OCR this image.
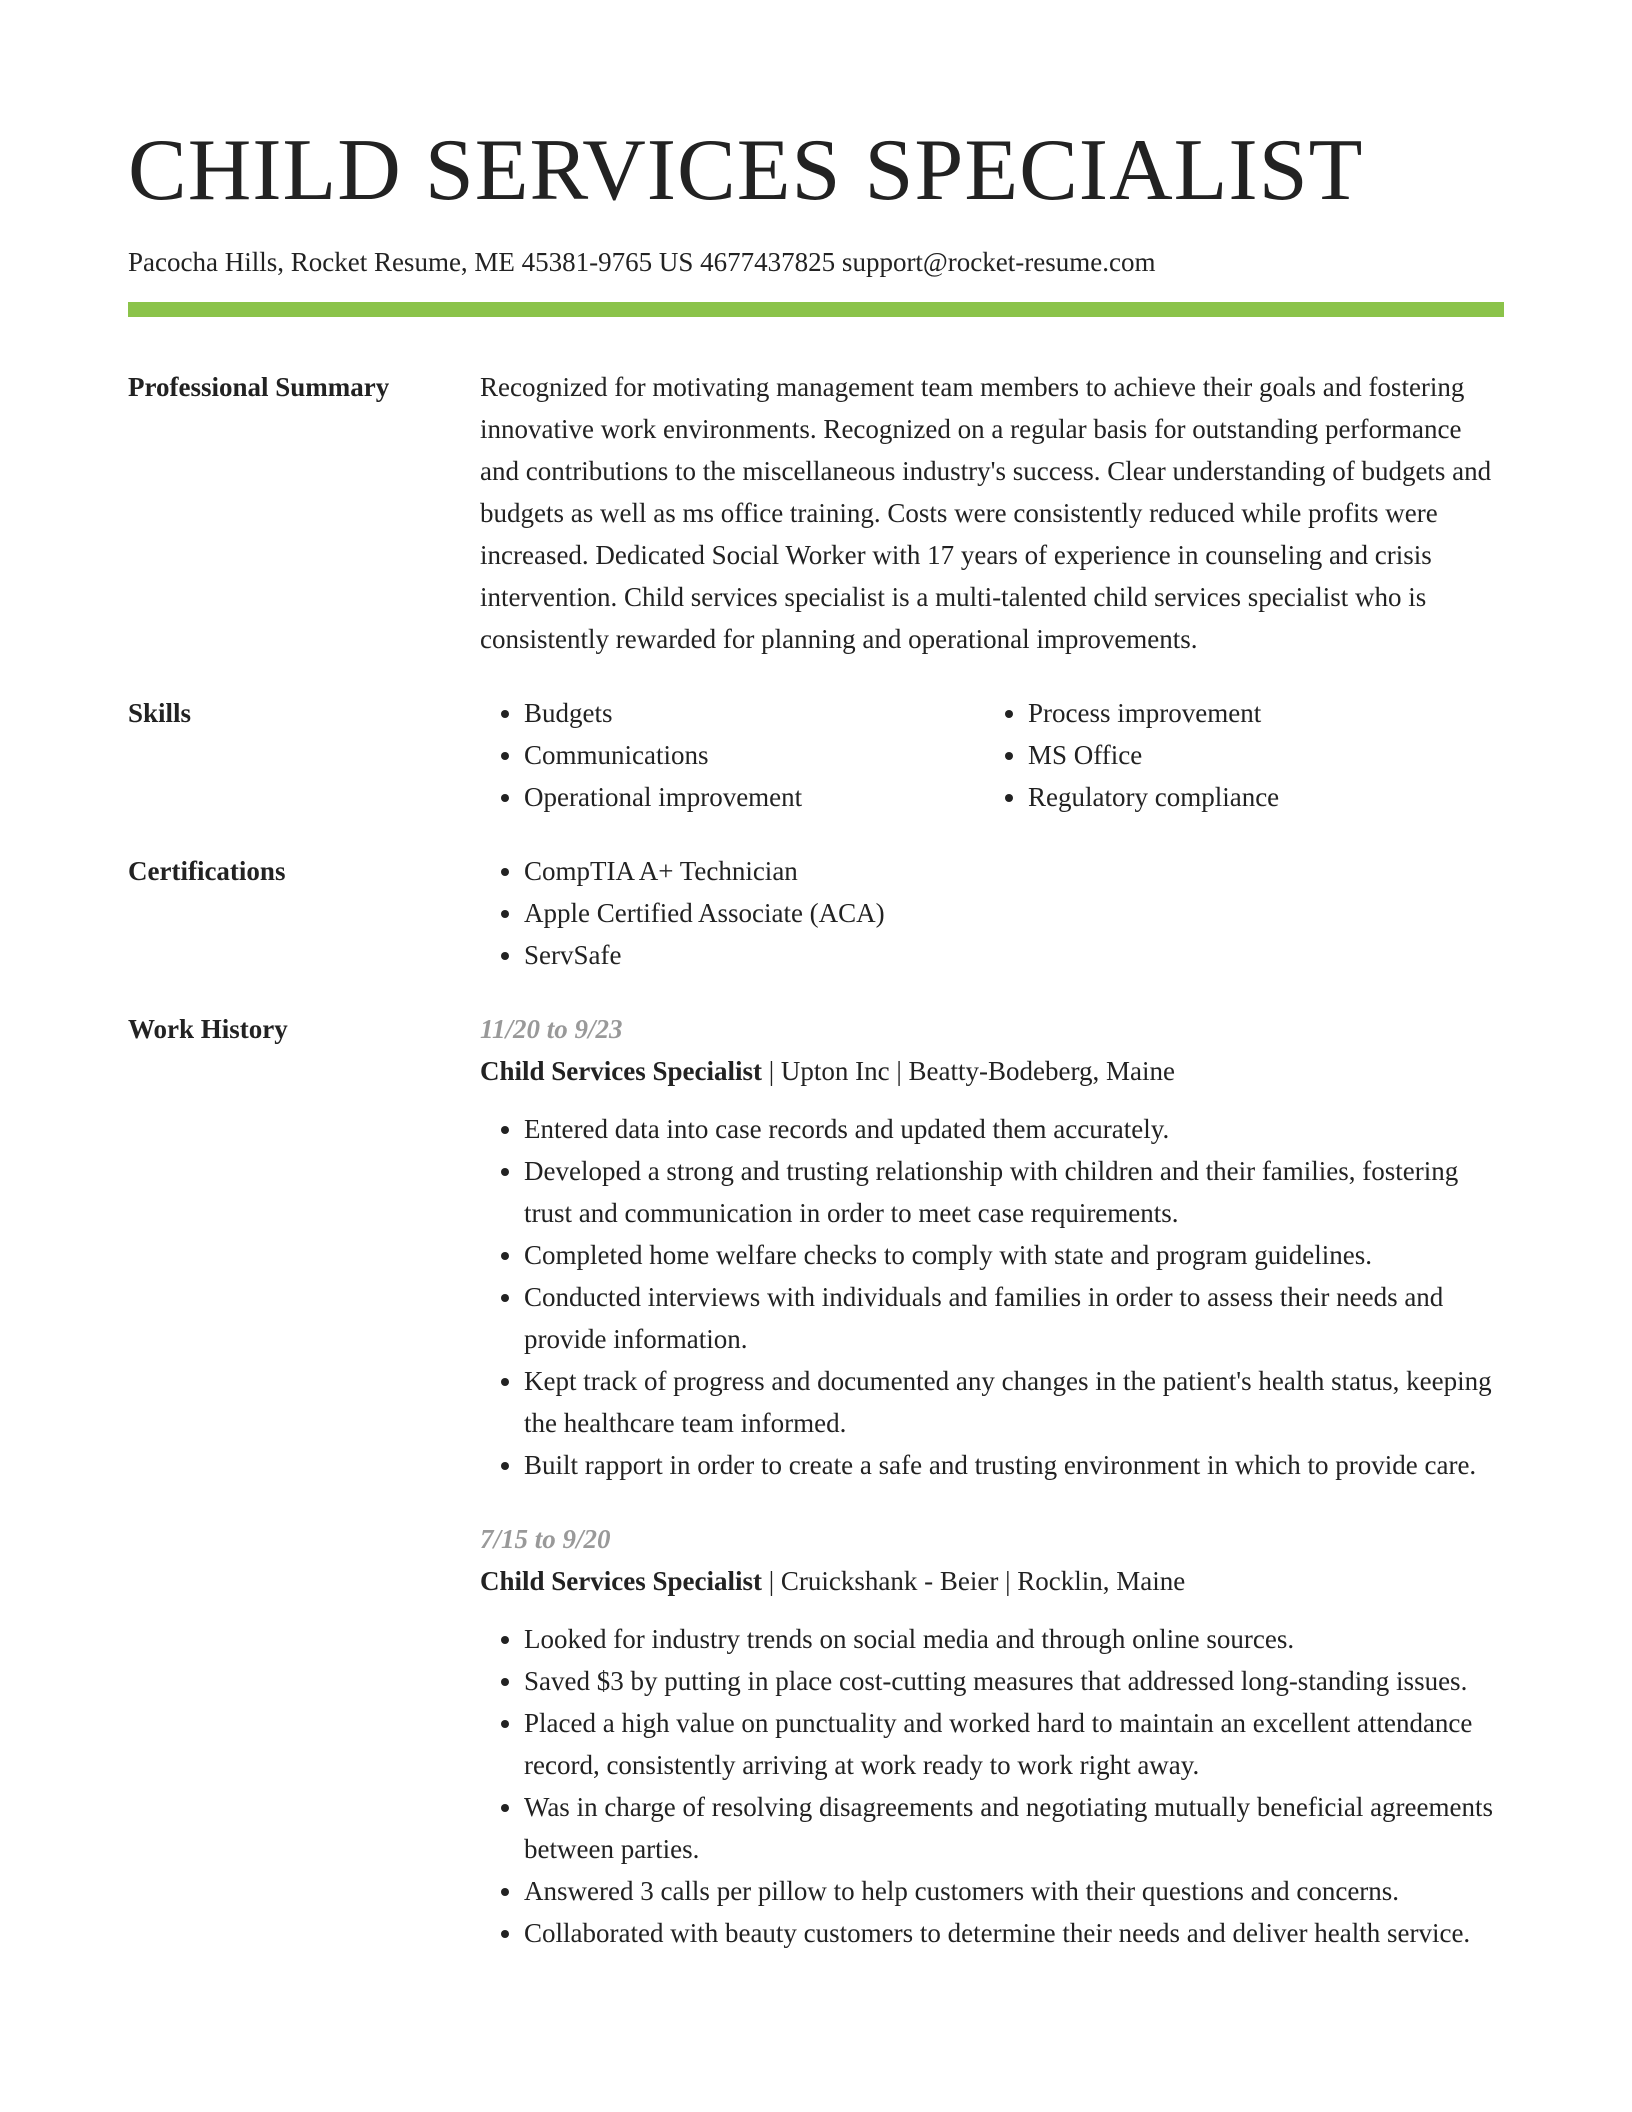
CHILD SERVICES SPECIALIST
Pacocha Hills, Rocket Resume, ME 45381-9765 US 4677437825 support@rocket-resume.com
Professional Summary	Recognized for motivating management team members to achieve their goals and fostering innovative work environments. Recognized on a regular basis for outstanding performance and contributions to the miscellaneous industry's success. Clear understanding of budgets and budgets as well as ms office training. Costs were consistently reduced while profits were increased. Dedicated Social Worker with 17 years of experience in counseling and crisis intervention. Child services specialist is a multi-talented child services specialist who is consistently rewarded for planning and operational improvements.

Skills	• Budgets
• Communications
• Operational improvement
• Process improvement
• MS Office
• Regulatory compliance
Certifications	• CompTIA A+ Technician
• Apple Certified Associate (ACA)
• ServSafe
Work History	11/20 to 9/23
Child Services Specialist | Upton Inc | Beatty-Bodeberg, Maine
• Entered data into case records and updated them accurately.
• Developed a strong and trusting relationship with children and their families, fostering trust and communication in order to meet case requirements.
• Completed home welfare checks to comply with state and program guidelines.
• Conducted interviews with individuals and families in order to assess their needs and provide information.
• Kept track of progress and documented any changes in the patient's health status, keeping the healthcare team informed.
• Built rapport in order to create a safe and trusting environment in which to provide care.
7/15 to 9/20
Child Services Specialist | Cruickshank - Beier | Rocklin, Maine
• Looked for industry trends on social media and through online sources.
• Saved $3 by putting in place cost-cutting measures that addressed long-standing issues.
• Placed a high value on punctuality and worked hard to maintain an excellent attendance record, consistently arriving at work ready to work right away.
• Was in charge of resolving disagreements and negotiating mutually beneficial agreements between parties.
• Answered 3 calls per pillow to help customers with their questions and concerns.
• Collaborated with beauty customers to determine their needs and deliver health service.
